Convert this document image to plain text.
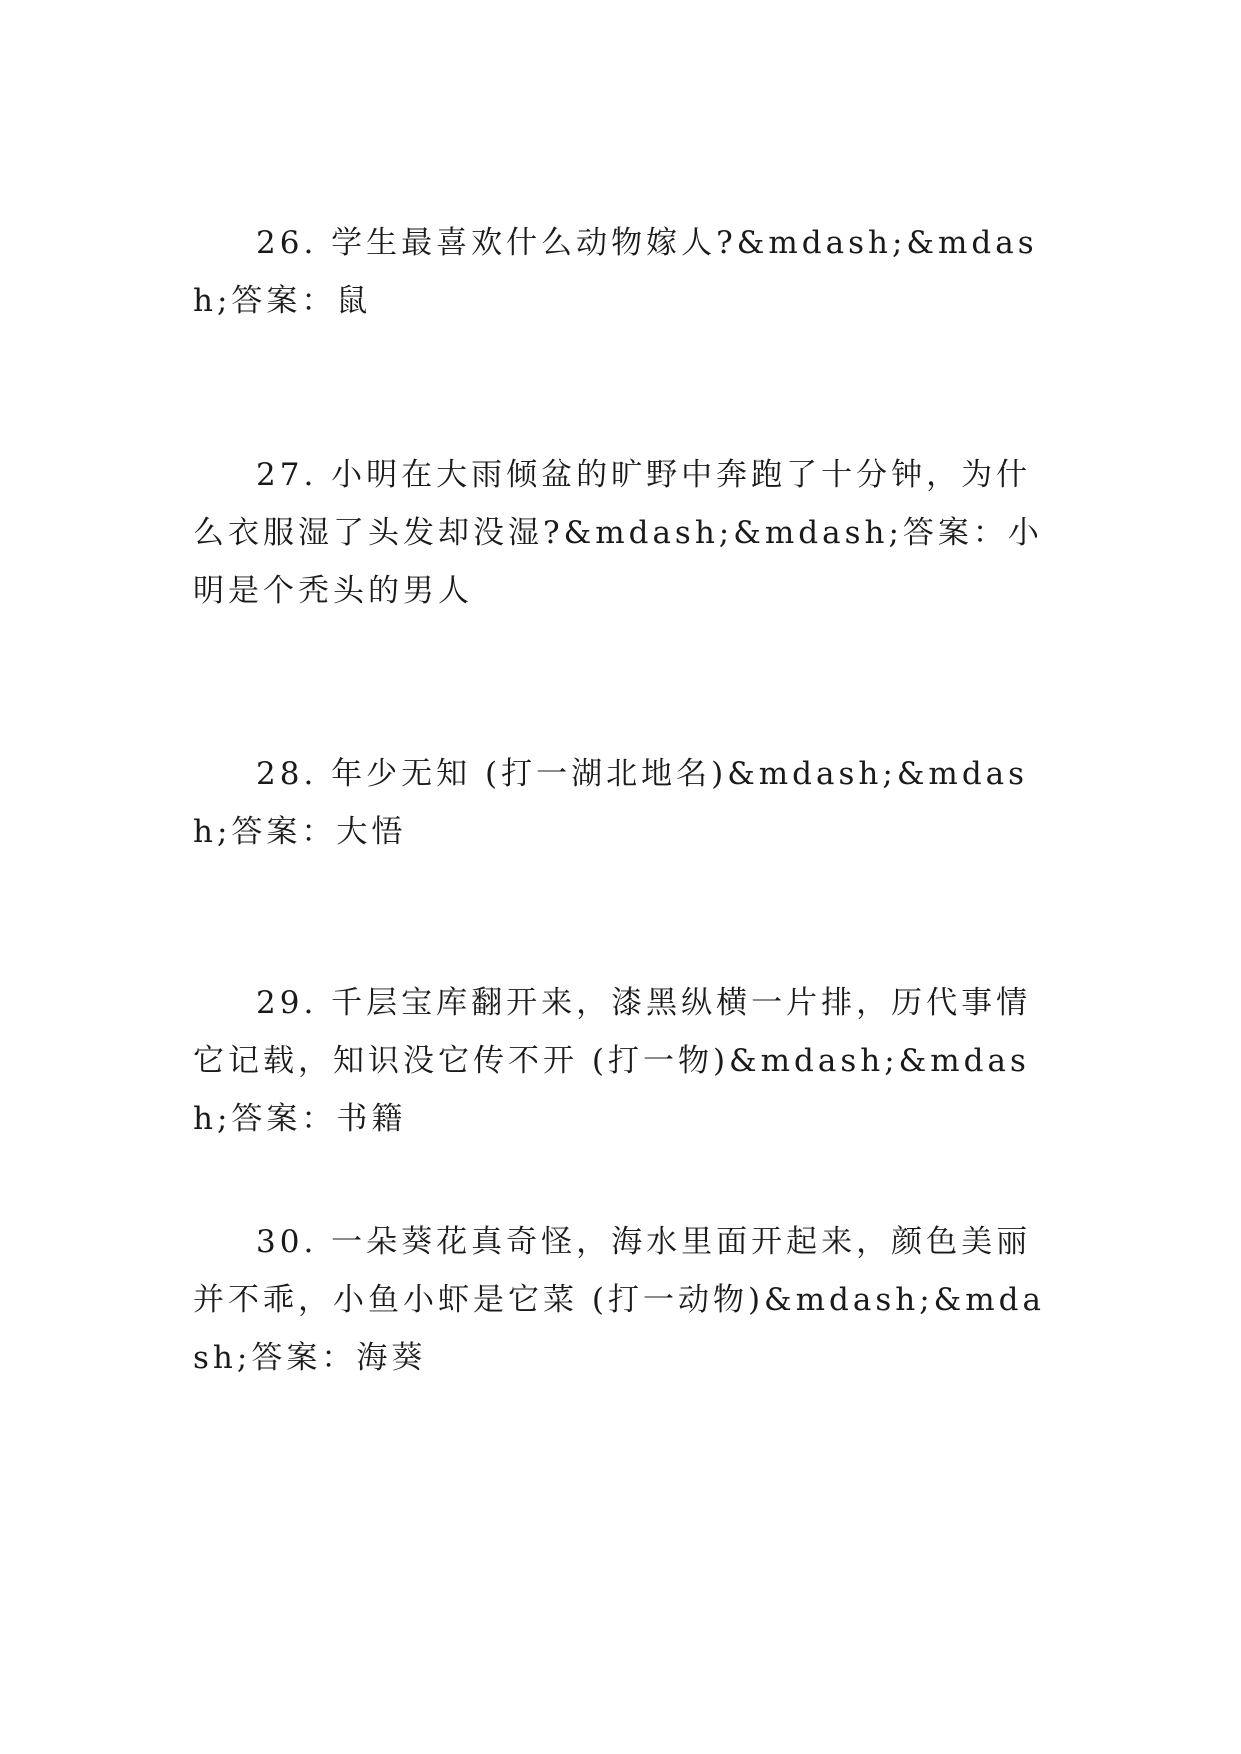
26. 学生最喜欢什么动物嫁人?&mdash;&mdash;答案：鼠

27. 小明在大雨倾盆的旷野中奔跑了十分钟，为什么衣服湿了头发却没湿?&mdash;&mdash;答案：小明是个秃头的男人

28. 年少无知 (打一湖北地名)&mdash;&mdash;答案：大悟

29. 千层宝库翻开来，漆黑纵横一片排，历代事情它记载，知识没它传不开 (打一物)&mdash;&mdash;答案：书籍

30. 一朵葵花真奇怪，海水里面开起来，颜色美丽并不乖，小鱼小虾是它菜 (打一动物)&mdash;&mdash;答案：海葵
